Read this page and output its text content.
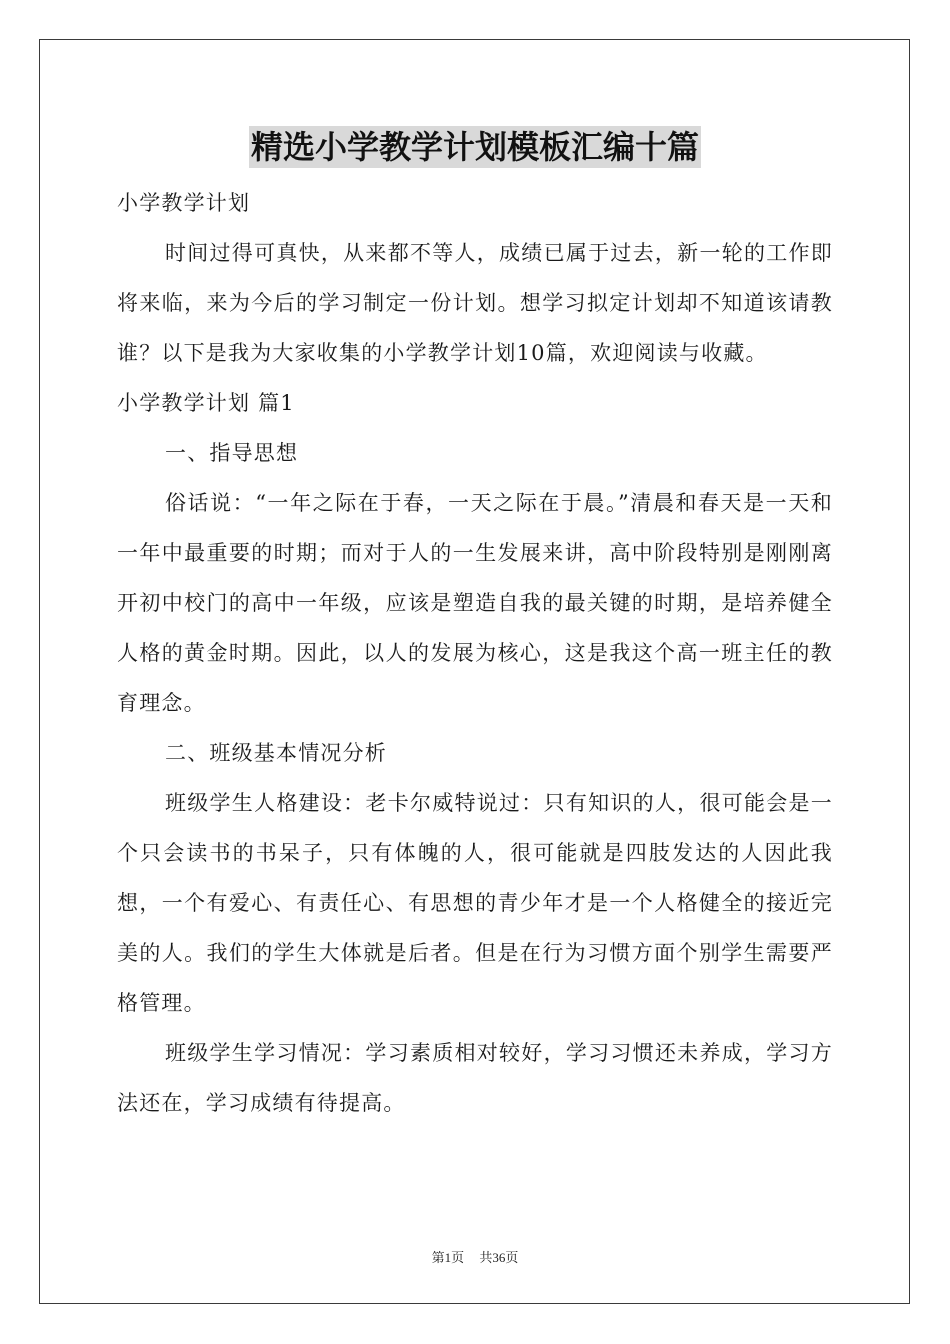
精选小学教学计划模板汇编十篇

小学教学计划

时间过得可真快，从来都不等人，成绩已属于过去，新一轮的工作即将来临，来为今后的学习制定一份计划。想学习拟定计划却不知道该请教谁？以下是我为大家收集的小学教学计划10篇，欢迎阅读与收藏。

小学教学计划 篇1

一、指导思想

俗话说：“一年之际在于春，一天之际在于晨。”清晨和春天是一天和一年中最重要的时期；而对于人的一生发展来讲，高中阶段特别是刚刚离开初中校门的高中一年级，应该是塑造自我的最关键的时期，是培养健全人格的黄金时期。因此，以人的发展为核心，这是我这个高一班主任的教育理念。

二、班级基本情况分析

班级学生人格建设：老卡尔威特说过：只有知识的人，很可能会是一个只会读书的书呆子，只有体魄的人，很可能就是四肢发达的人因此我想，一个有爱心、有责任心、有思想的青少年才是一个人格健全的接近完美的人。我们的学生大体就是后者。但是在行为习惯方面个别学生需要严格管理。

班级学生学习情况：学习素质相对较好，学习习惯还未养成，学习方法还在，学习成绩有待提高。

第1页 共36页
